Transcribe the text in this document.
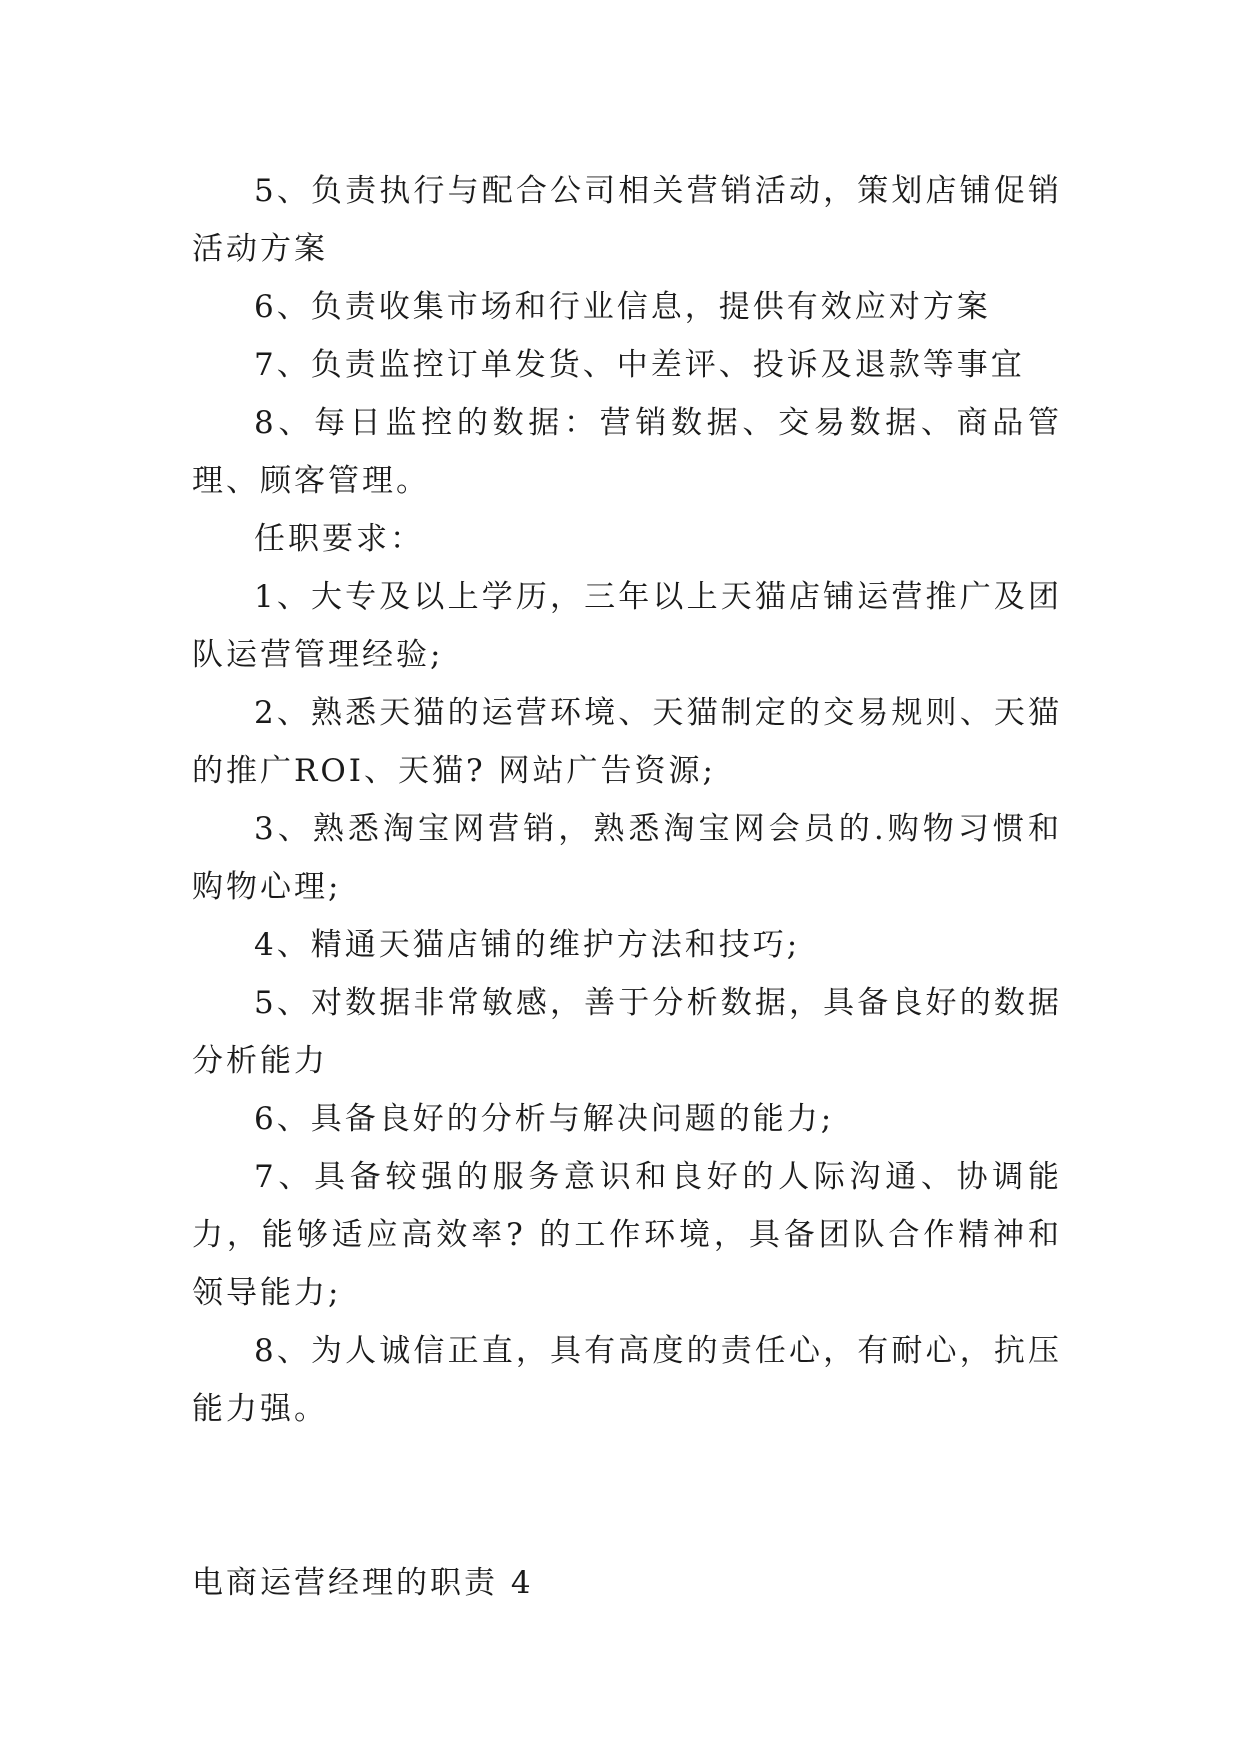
5、负责执行与配合公司相关营销活动，策划店铺促销活动方案

6、负责收集市场和行业信息，提供有效应对方案

7、负责监控订单发货、中差评、投诉及退款等事宜

8、每日监控的数据：营销数据、交易数据、商品管理、顾客管理。

任职要求：

1、大专及以上学历，三年以上天猫店铺运营推广及团队运营管理经验;

2、熟悉天猫的运营环境、天猫制定的交易规则、天猫的推广ROI、天猫? 网站广告资源;

3、熟悉淘宝网营销，熟悉淘宝网会员的.购物习惯和购物心理;

4、精通天猫店铺的维护方法和技巧;

5、对数据非常敏感，善于分析数据，具备良好的数据分析能力

6、具备良好的分析与解决问题的能力;

7、具备较强的服务意识和良好的人际沟通、协调能力，能够适应高效率? 的工作环境，具备团队合作精神和领导能力;

8、为人诚信正直，具有高度的责任心，有耐心，抗压能力强。

电商运营经理的职责 4
